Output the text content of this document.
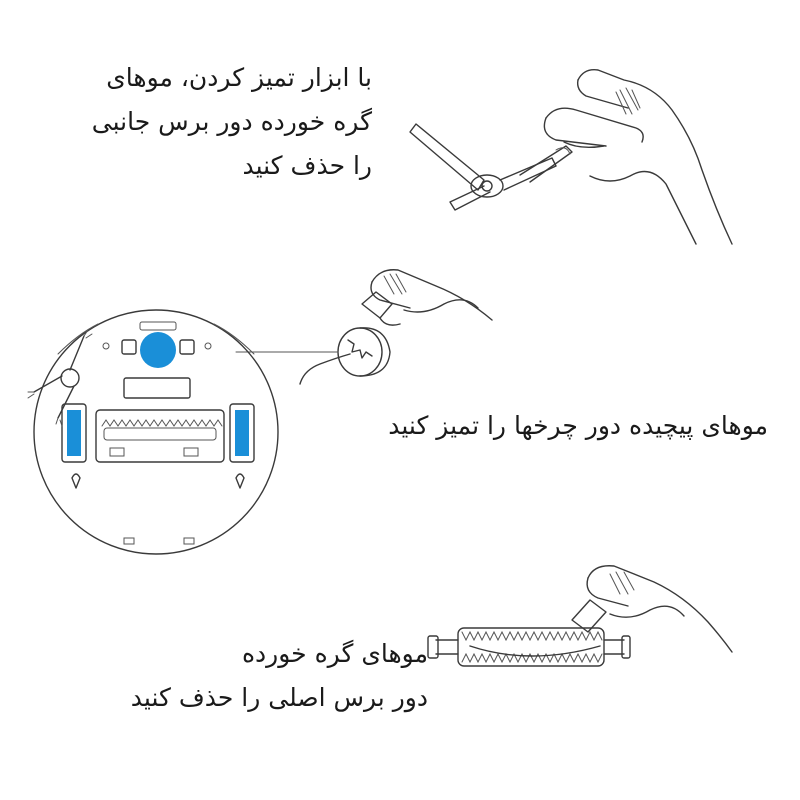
با ابزار تمیز کردن، موهای
گره خورده دور برس جانبی
را حذف کنید
موهای پیچیده دور چرخها را تمیز کنید
موهای گره خورده
دور برس اصلی را حذف کنید
